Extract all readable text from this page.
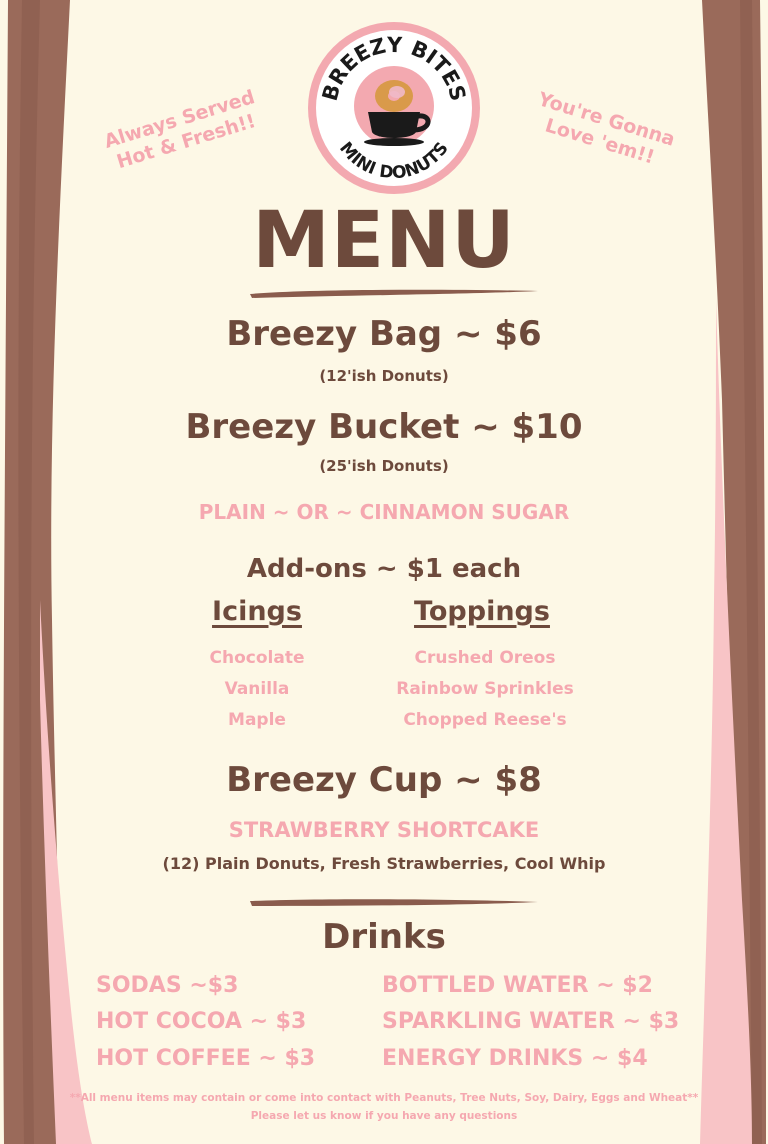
BREEZY BITES
MINI DONUTS
Always Served Hot & Fresh!!	You're Gonna Love 'em!!
MENU
Breezy Bag ~ $6
(12'ish Donuts)
Breezy Bucket ~ $10
(25'ish Donuts)
PLAIN ~ OR ~ CINNAMON SUGAR
Add-ons ~ $1 each
Icings	Toppings
Chocolate
Vanilla
Maple
Crushed Oreos
Rainbow Sprinkles
Chopped Reese's
Breezy Cup ~ $8
STRAWBERRY SHORTCAKE
(12) Plain Donuts, Fresh Strawberries, Cool Whip
Drinks
SODAS ~$3
HOT COCOA ~ $3
HOT COFFEE ~ $3
BOTTLED WATER ~ $2
SPARKLING WATER ~ $3
ENERGY DRINKS ~ $4
**All menu items may contain or come into contact with Peanuts, Tree Nuts, Soy, Dairy, Eggs and Wheat**
Please let us know if you have any questions
